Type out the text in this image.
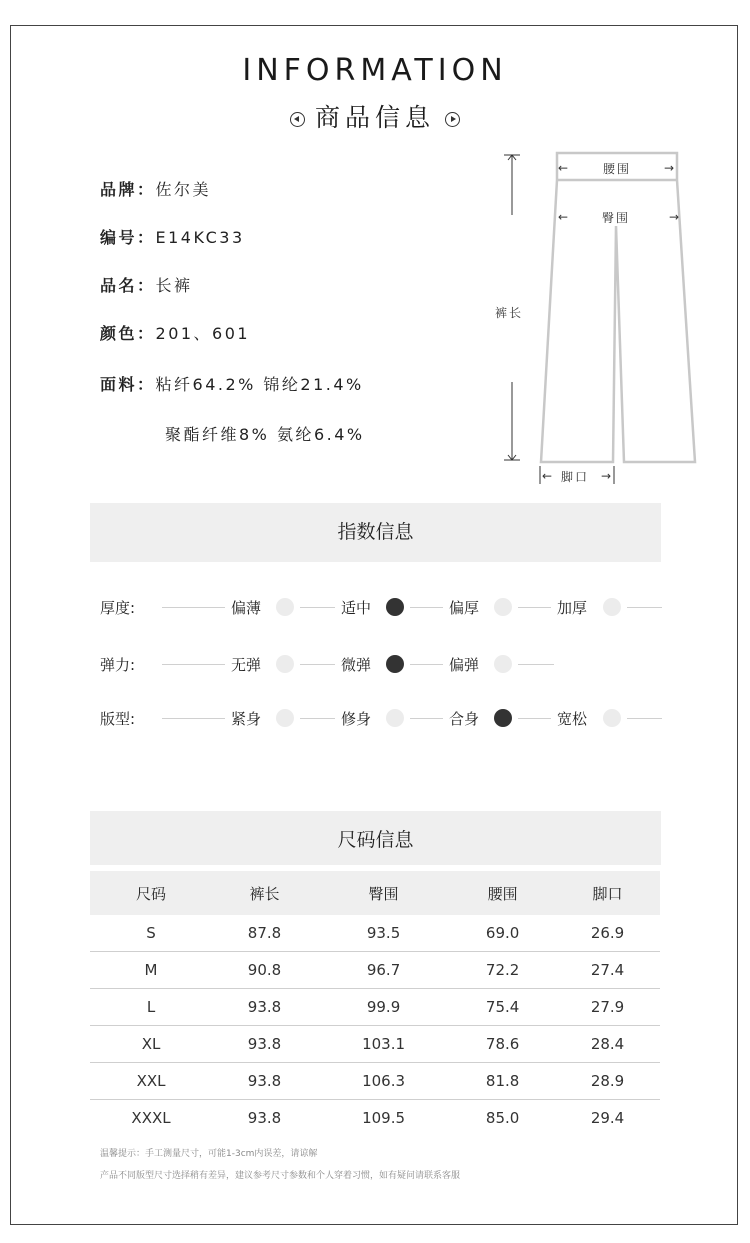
INFORMATION
商品信息
品牌：佐尔美
编号：E14KC33
品名：长裤
颜色：201、601
面料：粘纤64.2% 锦纶21.4%
聚酯纤维8% 氨纶6.4%
←	→
←	→
←	→
腰围
臀围
裤长
脚口
指数信息
厚度:	偏薄	适中	偏厚	加厚
弹力:	无弹	微弹	偏弹
版型:	紧身	修身	合身	宽松
尺码信息
尺码	裤长	臀围	腰围	脚口
S	87.8	93.5	69.0	26.9
M	90.8	96.7	72.2	27.4
L	93.8	99.9	75.4	27.9
XL	93.8	103.1	78.6	28.4
XXL	93.8	106.3	81.8	28.9
XXXL	93.8	109.5	85.0	29.4
温馨提示：手工测量尺寸，可能1-3cm内误差，请谅解
产品不同版型尺寸选择稍有差异，建议参考尺寸参数和个人穿着习惯，如有疑问请联系客服
